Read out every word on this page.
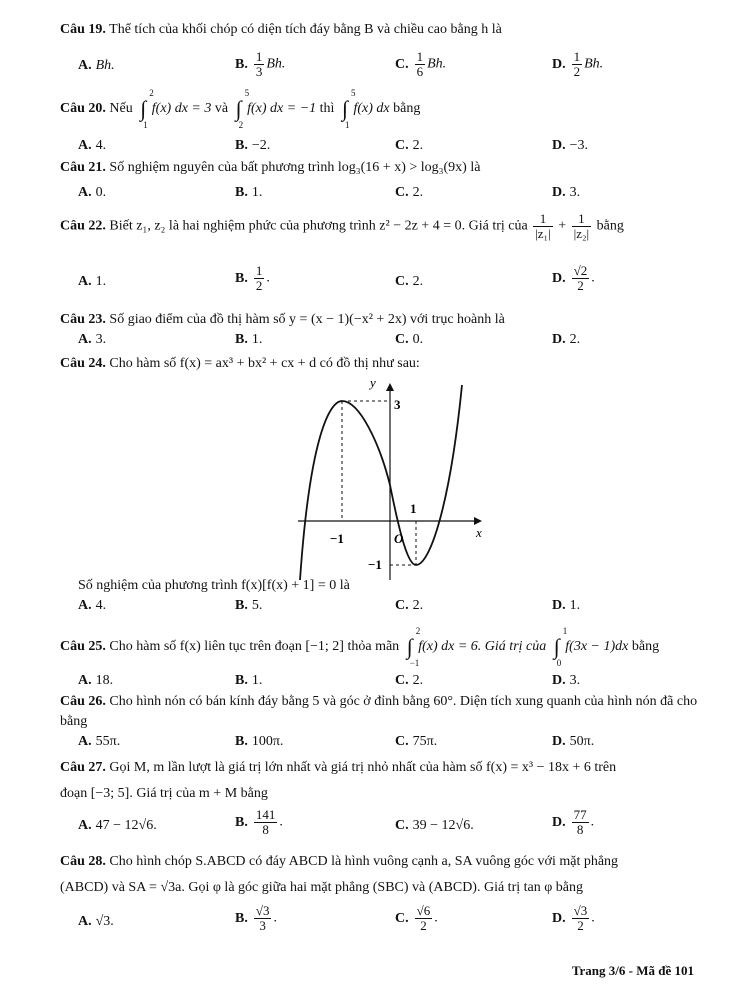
Câu 19. Thể tích của khối chóp có diện tích đáy bằng B và chiều cao bằng h là
A. Bh.	B. $\frac{1}{3} Bh$.	C. $\frac{1}{6} Bh$.	D. $\frac{1}{2} Bh$.
Câu 20. Nếu ∫
2
1
f(x) dx = 3 và ∫
5
2
f(x) dx = −1 thì ∫
5
1
f(x) dx bằng
A. 4.	B. −2.	C. 2.	D. −3.
Câu 21. Số nghiệm nguyên của bất phương trình log₃(16 + x) > log₃(9x) là
A. 0.	B. 1.	C. 2.	D. 3.
Câu 22. Biết z₁, z₂ là hai nghiệm phức của phương trình z² − 2z + 4 = 0. Giá trị của $\frac{1}{\text{|z₁|}} + \frac{1}{\text{|z₂|}}$ bằng
A. 1.	B. $\frac{1}{2}$ .	C. 2.	D. $\frac{√2}{2}$ .
Câu 23. Số giao điểm của đồ thị hàm số y = (x − 1)(−x² + 2x) với trục hoành là
A. 3.	B. 1.	C. 0.	D. 2.
Câu 24. Cho hàm số f(x) = ax³ + bx² + cx + d có đồ thị như sau:
y
x
O
−1
3
1
−1
Số nghiệm của phương trình f(x)[f(x) + 1] = 0 là
A. 4.	B. 5.	C. 2.	D. 1.
Câu 25. Cho hàm số f(x) liên tục trên đoạn [−1; 2] thỏa mãn ∫
2
−1
f(x) dx = 6. Giá trị của ∫
1
0
f(3x − 1)dx bằng
A. 18.	B. 1.	C. 2.	D. 3.
Câu 26. Cho hình nón có bán kính đáy bằng 5 và góc ở đỉnh bằng 60°. Diện tích xung quanh của hình nón đã cho bằng
A. 55π.	B. 100π.	C. 75π.	D. 50π.
Câu 27. Gọi M, m lần lượt là giá trị lớn nhất và giá trị nhỏ nhất của hàm số f(x) = x³ − 18x + 6 trên
đoạn [−3; 5]. Giá trị của m + M bằng
A. 47 − 12√6.	B. $\frac{141}{8}$ .	C. 39 − 12√6.	D. $\frac{77}{8}$ .
Câu 28. Cho hình chóp S.ABCD có đáy ABCD là hình vuông cạnh a, SA vuông góc với mặt phẳng
(ABCD) và SA = √3a. Gọi φ là góc giữa hai mặt phẳng (SBC) và (ABCD). Giá trị tan φ bằng
A. √3.	B. $\frac{√3}{3}$ .	C. $\frac{√6}{2}$ .	D. $\frac{√3}{2}$ .
Trang 3/6 - Mã đề 101
